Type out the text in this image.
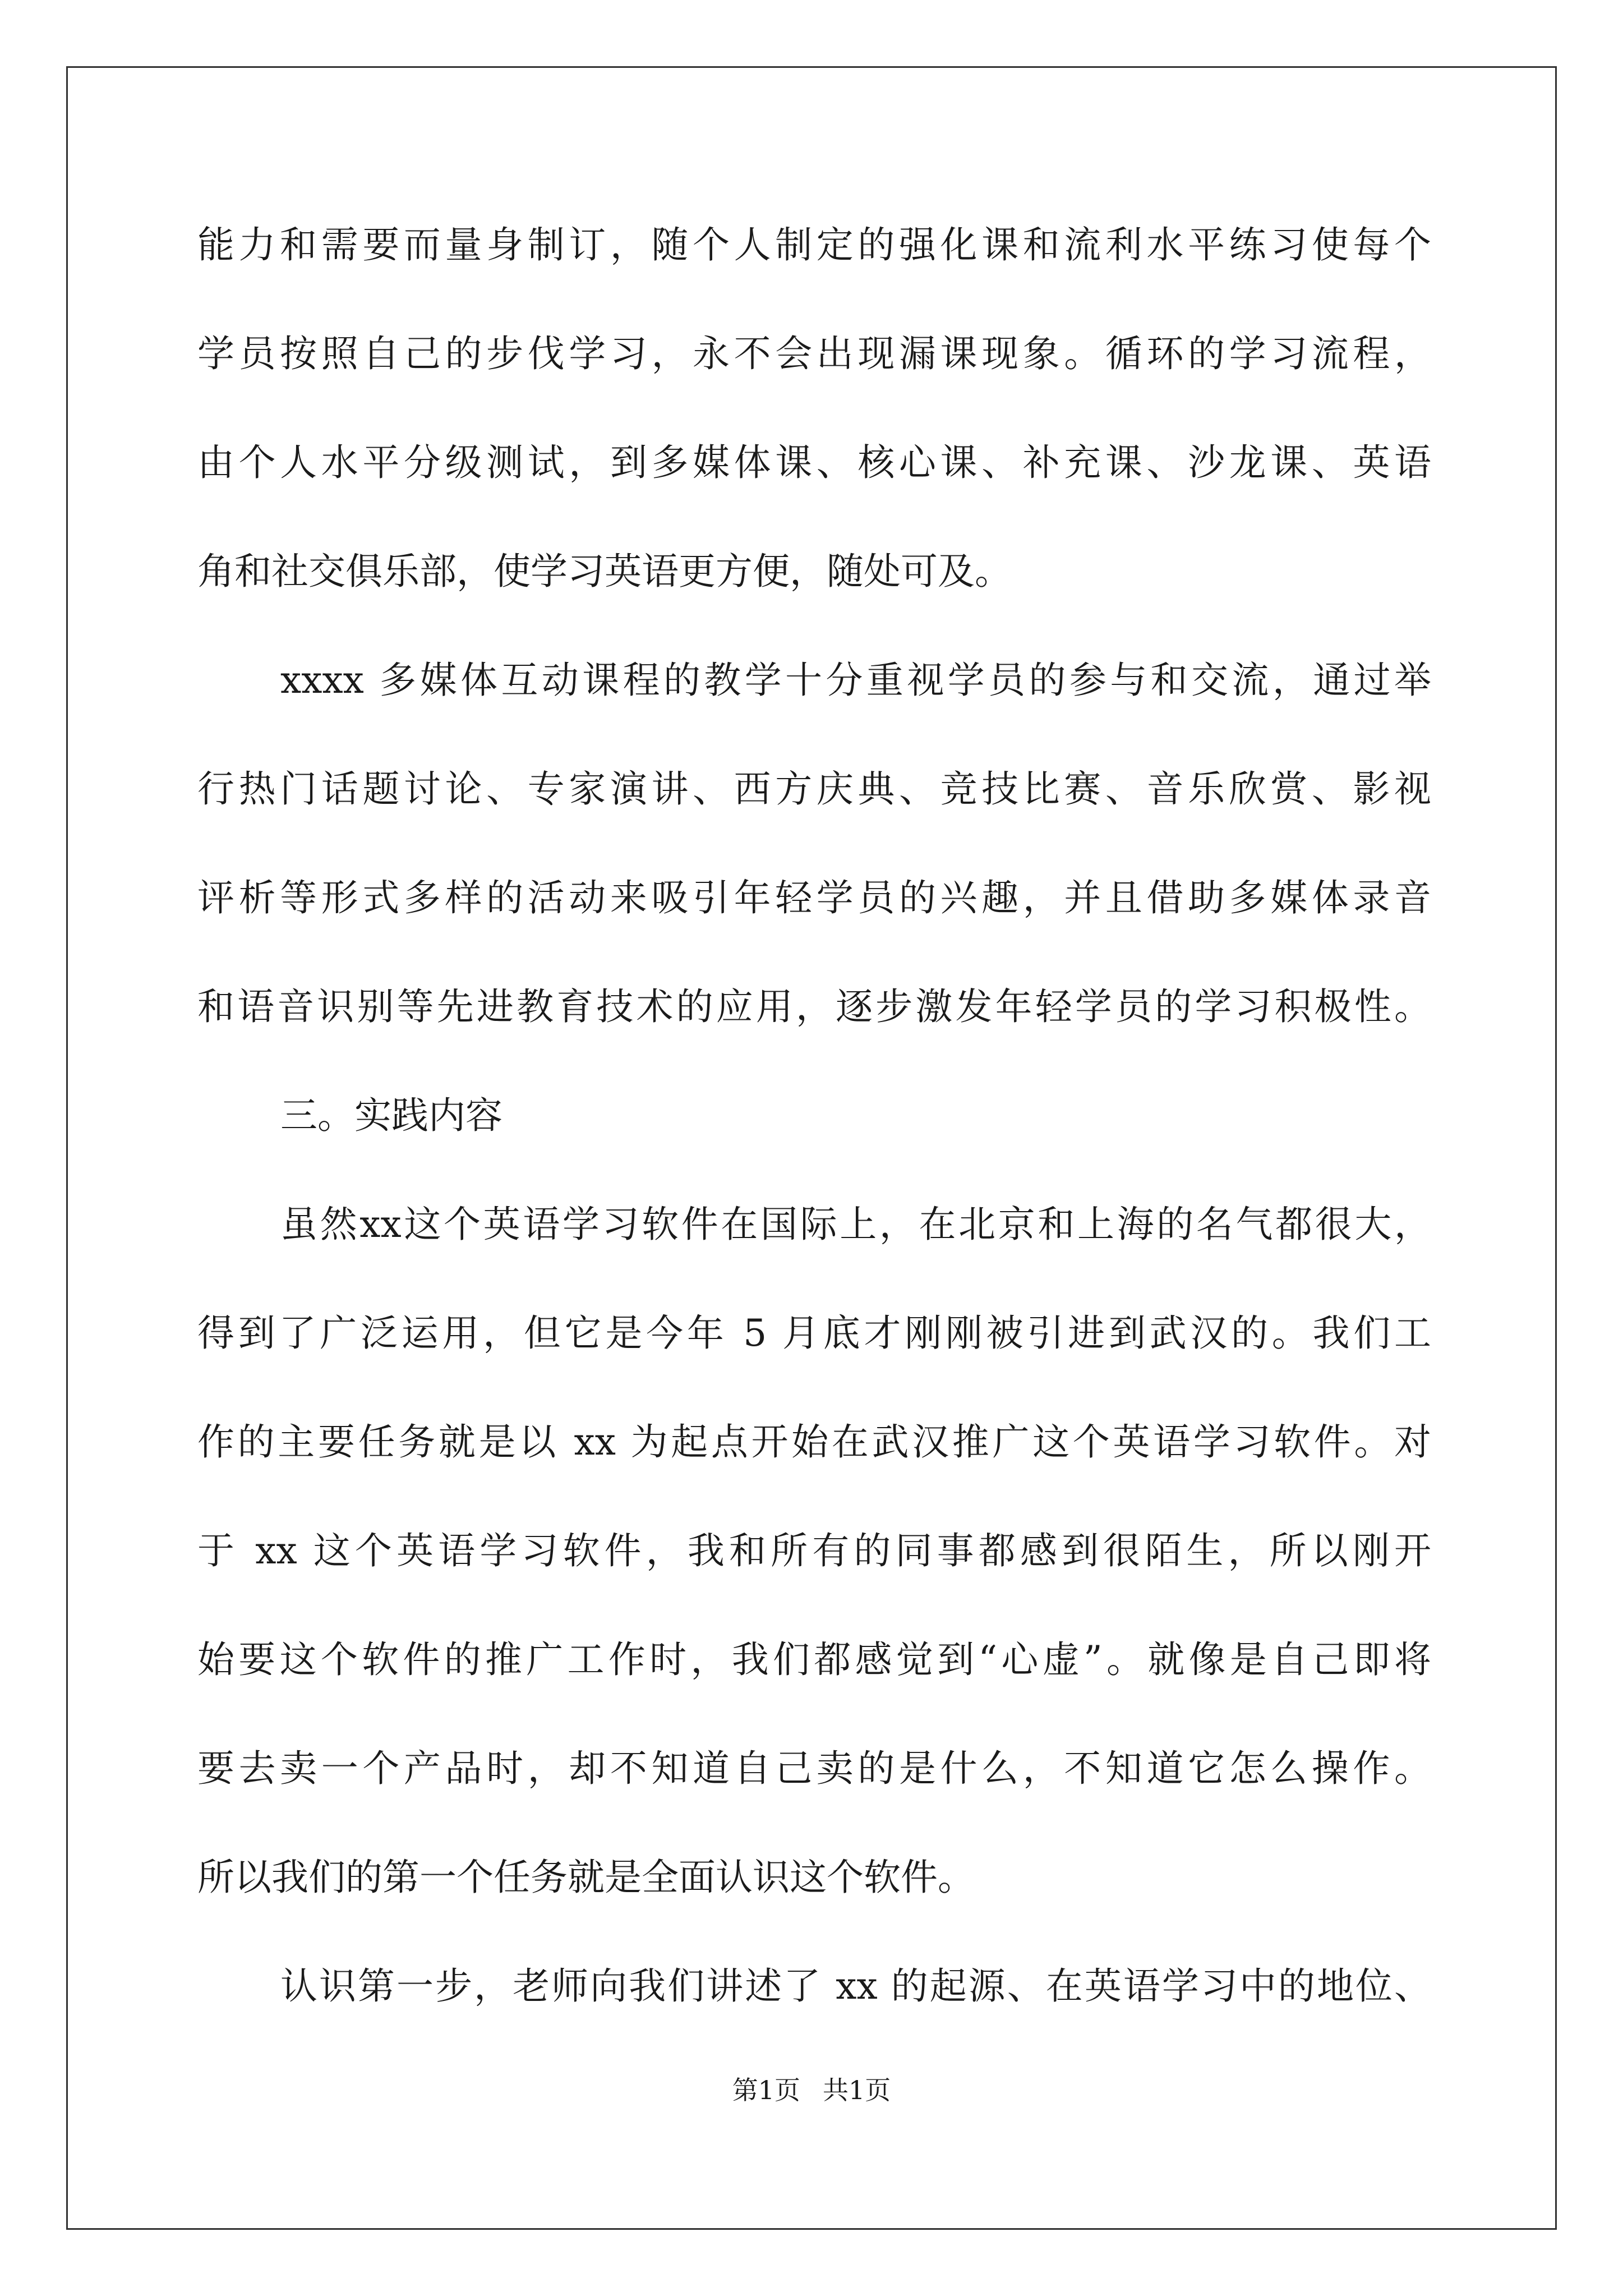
能力和需要而量身制订，随个人制定的强化课和流利水平练习使每个
学员按照自己的步伐学习，永不会出现漏课现象。循环的学习流程，
由个人水平分级测试，到多媒体课、核心课、补充课、沙龙课、英语
角和社交俱乐部，使学习英语更方便，随处可及。
xxxx 多媒体互动课程的教学十分重视学员的参与和交流，通过举
行热门话题讨论、专家演讲、西方庆典、竞技比赛、音乐欣赏、影视
评析等形式多样的活动来吸引年轻学员的兴趣，并且借助多媒体录音
和语音识别等先进教育技术的应用，逐步激发年轻学员的学习积极性。
三。实践内容
虽然xx这个英语学习软件在国际上，在北京和上海的名气都很大，
得到了广泛运用，但它是今年 5 月底才刚刚被引进到武汉的。我们工
作的主要任务就是以 xx 为起点开始在武汉推广这个英语学习软件。对
于 xx 这个英语学习软件，我和所有的同事都感到很陌生，所以刚开
始要这个软件的推广工作时，我们都感觉到“心虚”。就像是自己即将
要去卖一个产品时，却不知道自己卖的是什么，不知道它怎么操作。
所以我们的第一个任务就是全面认识这个软件。
认识第一步，老师向我们讲述了 xx 的起源、在英语学习中的地位、
第1页 共1页
